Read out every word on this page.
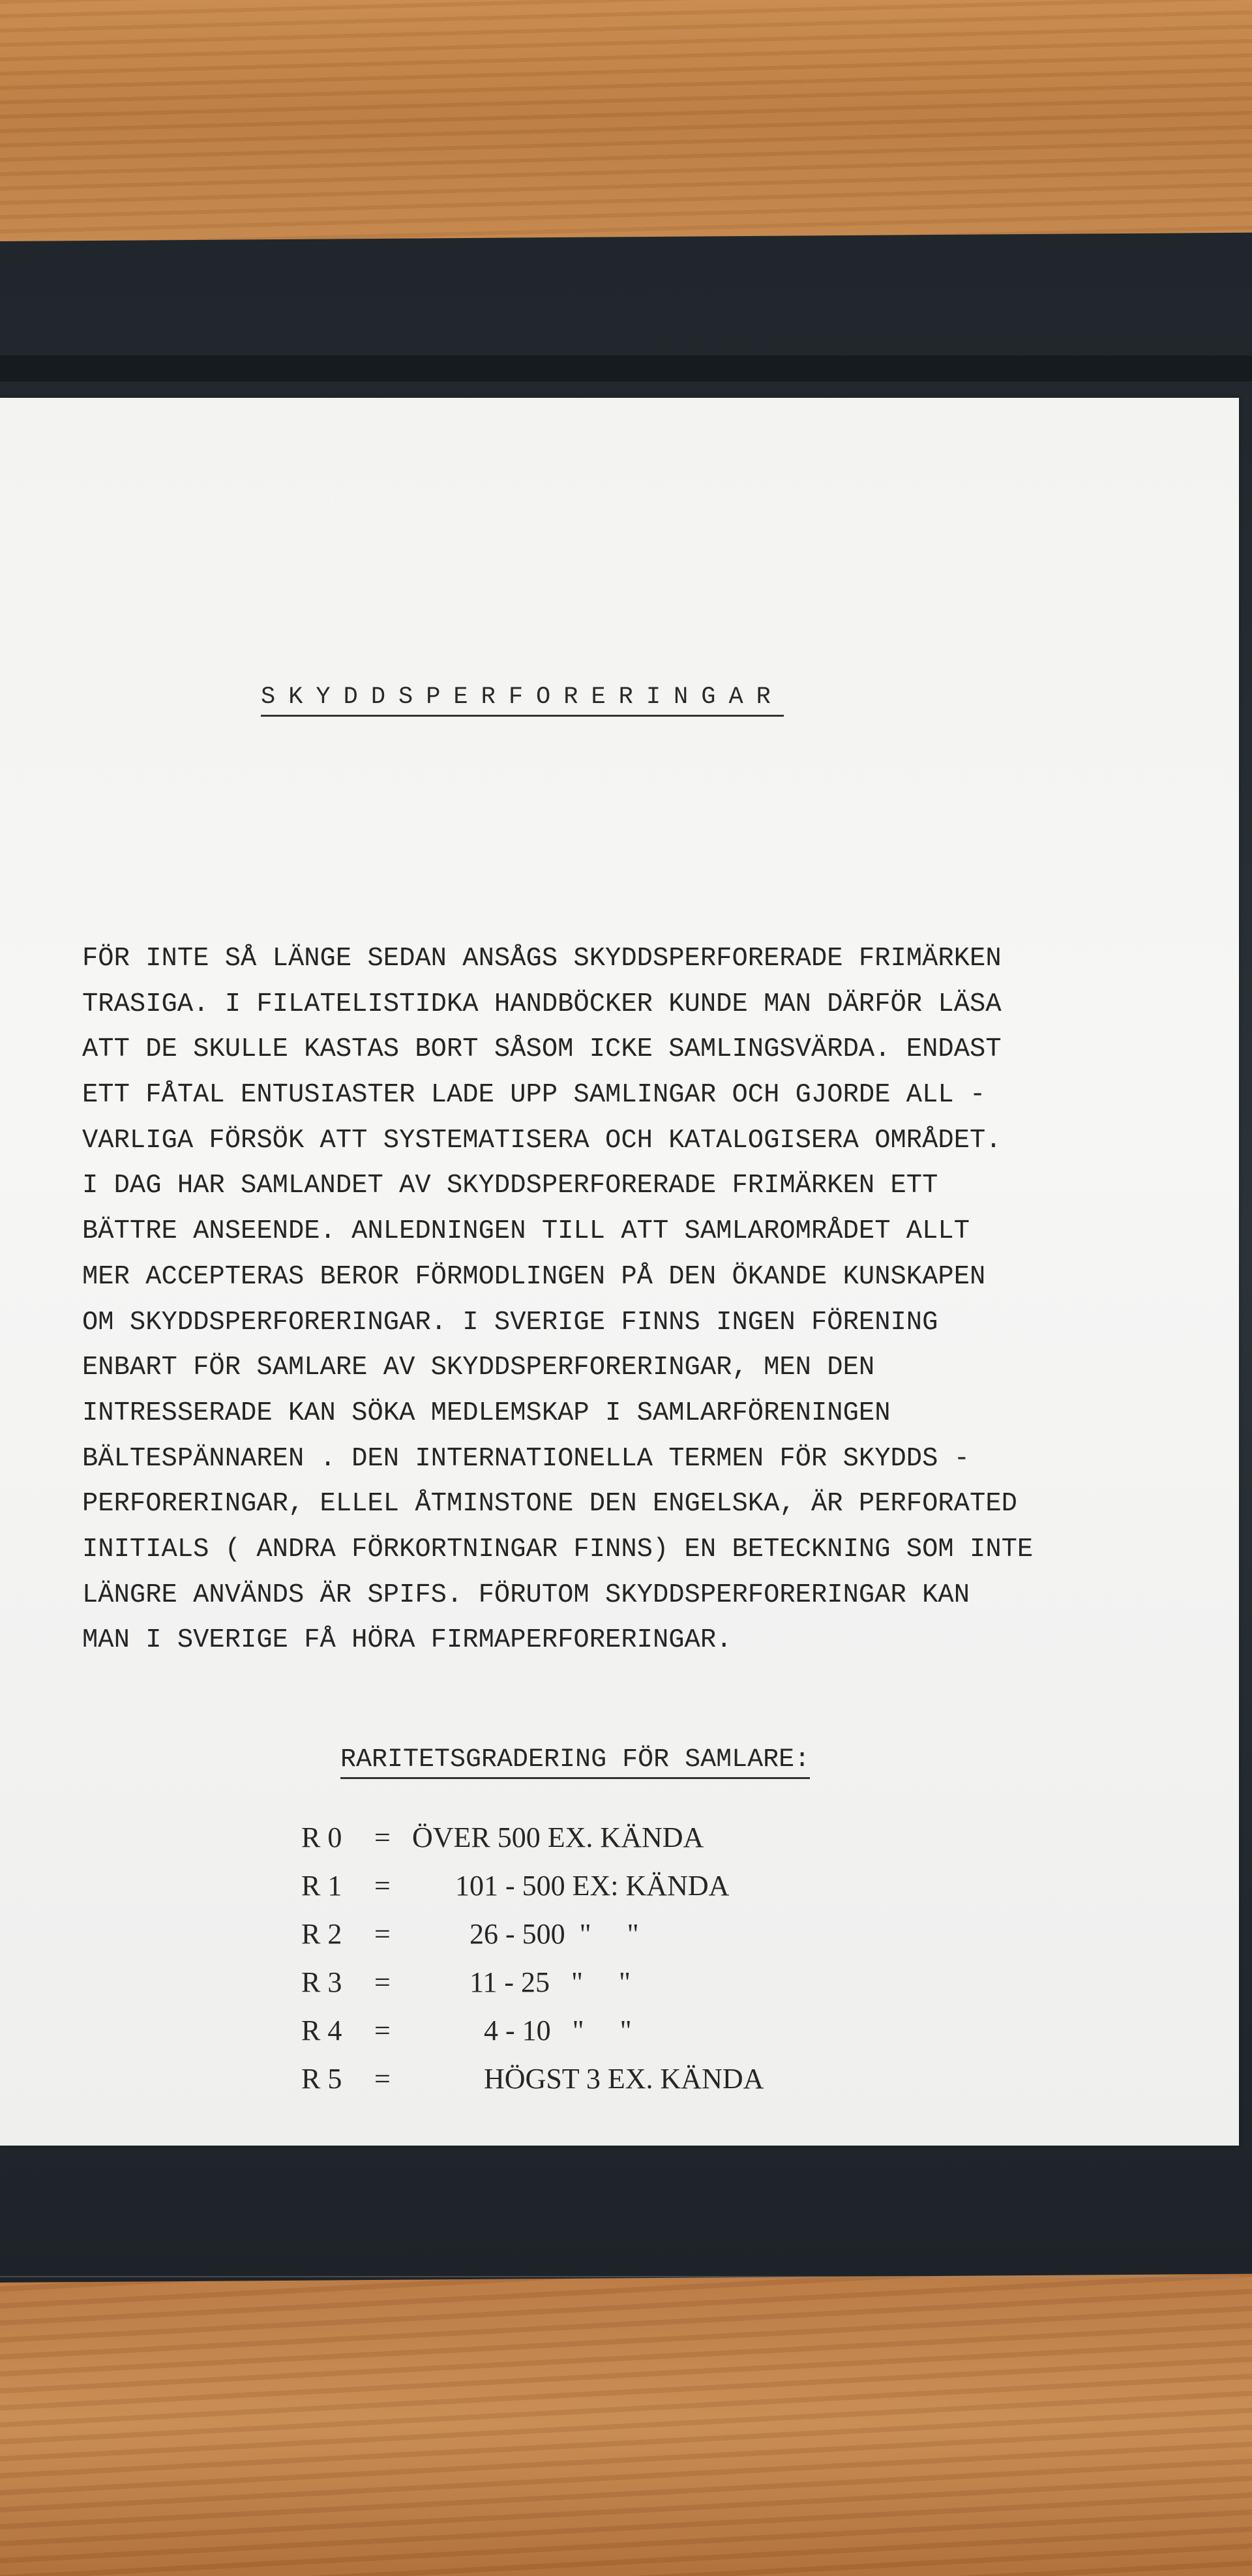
SKYDDSPERFORERINGAR
FÖR INTE SÅ LÄNGE SEDAN ANSÅGS SKYDDSPERFORERADE FRIMÄRKEN
TRASIGA. I FILATELISTIDKA HANDBÖCKER KUNDE MAN DÄRFÖR LÄSA
ATT DE SKULLE KASTAS BORT SÅSOM ICKE SAMLINGSVÄRDA. ENDAST
ETT FÅTAL ENTUSIASTER LADE UPP SAMLINGAR OCH GJORDE ALL -
VARLIGA FÖRSÖK ATT SYSTEMATISERA OCH KATALOGISERA OMRÅDET.
I DAG HAR SAMLANDET AV SKYDDSPERFORERADE FRIMÄRKEN ETT
BÄTTRE ANSEENDE. ANLEDNINGEN TILL ATT SAMLAROMRÅDET ALLT
MER ACCEPTERAS BEROR FÖRMODLINGEN PÅ DEN ÖKANDE KUNSKAPEN
OM SKYDDSPERFORERINGAR. I SVERIGE FINNS INGEN FÖRENING
ENBART FÖR SAMLARE AV SKYDDSPERFORERINGAR, MEN DEN
INTRESSERADE KAN SÖKA MEDLEMSKAP I SAMLARFÖRENINGEN
BÄLTESPÄNNAREN . DEN INTERNATIONELLA TERMEN FÖR SKYDDS -
PERFORERINGAR, ELLEL ÅTMINSTONE DEN ENGELSKA, ÄR PERFORATED
INITIALS ( ANDRA FÖRKORTNINGAR FINNS) EN BETECKNING SOM INTE
LÄNGRE ANVÄNDS ÄR SPIFS. FÖRUTOM SKYDDSPERFORERINGAR KAN
MAN I SVERIGE FÅ HÖRA FIRMAPERFORERINGAR.
RARITETSGRADERING FÖR SAMLARE:
R 0 = ÖVER 500 EX. KÄNDA
R 1 = 101 - 500 EX: KÄNDA
R 2 = 26 - 500  "     "
R 3 = 11 - 25   "     "
R 4 = 4 - 10   "     "
R 5 = HÖGST 3 EX. KÄNDA
